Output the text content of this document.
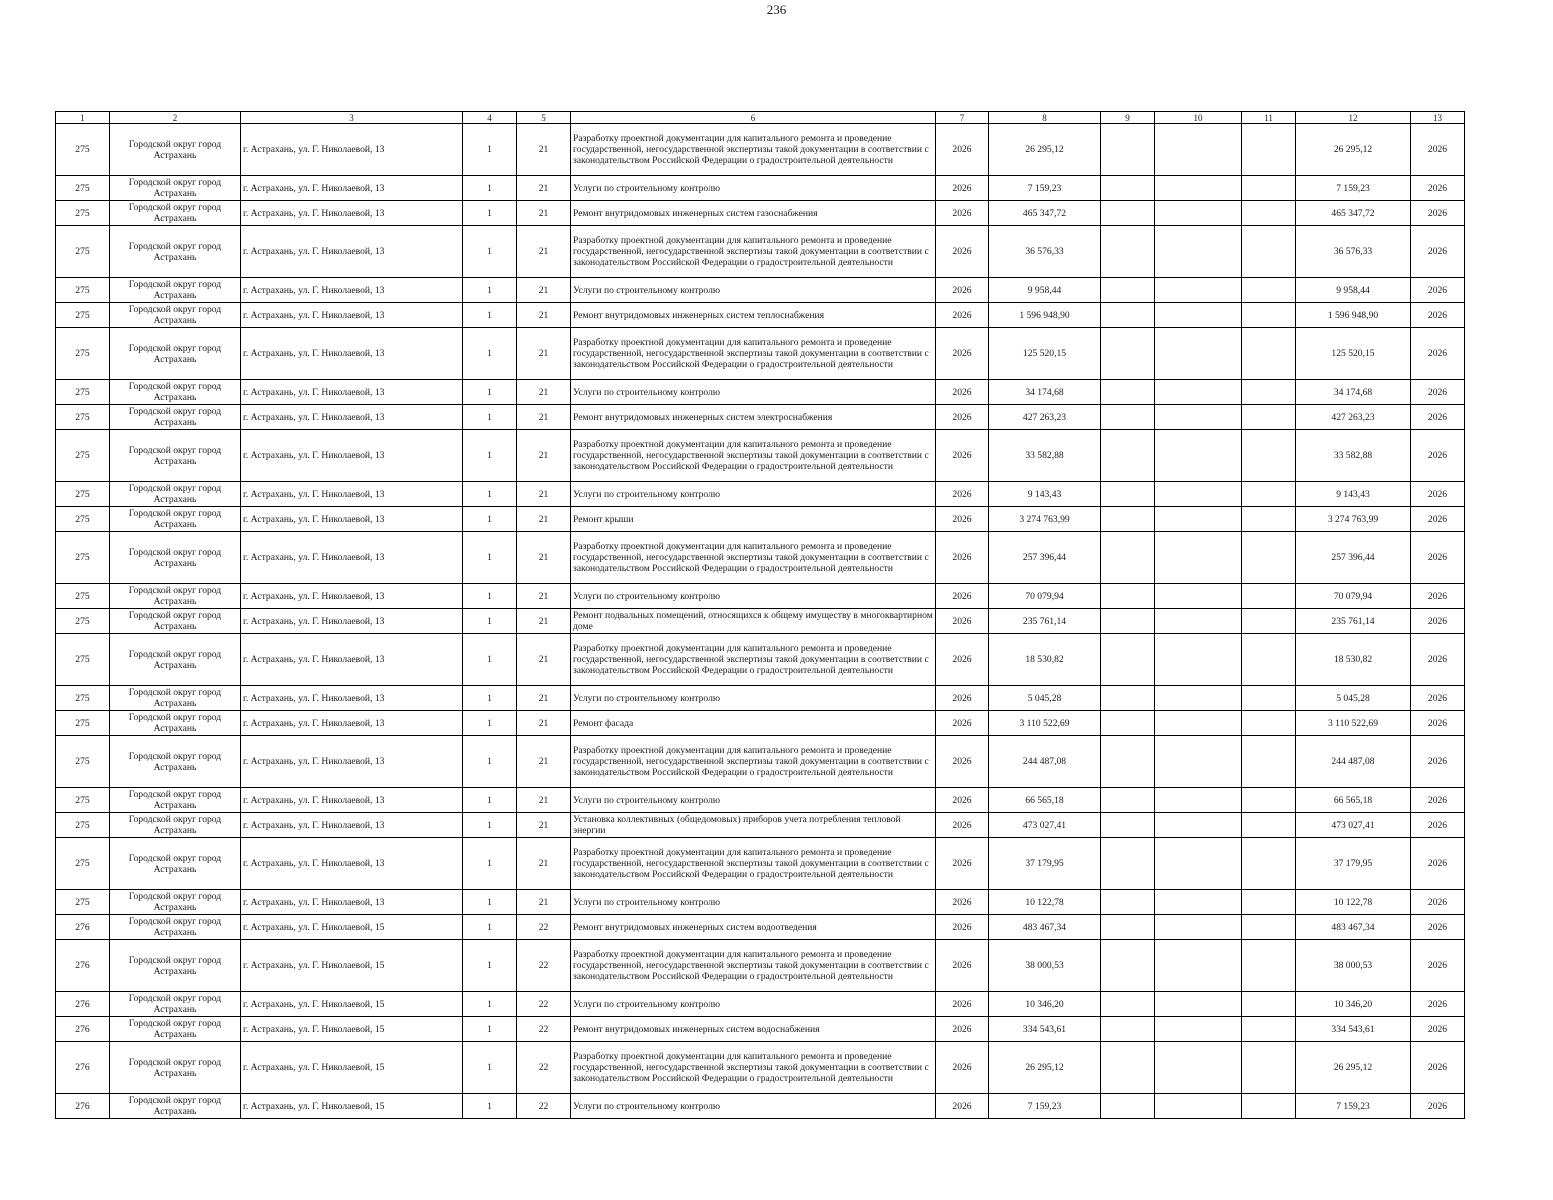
236
1	2	3	4	5	6	7	8	9	10	11	12	13
275	Городской округ город Астрахань	г. Астрахань, ул. Г. Николаевой, 13	1	21	Разработку проектной документации для капитального ремонта и проведение государственной, негосударственной экспертизы такой документации в соответствии с законодательством Российской Федерации о градостроительной деятельности	2026	26 295,12				26 295,12	2026
275	Городской округ город Астрахань	г. Астрахань, ул. Г. Николаевой, 13	1	21	Услуги по строительному контролю	2026	7 159,23				7 159,23	2026
275	Городской округ город Астрахань	г. Астрахань, ул. Г. Николаевой, 13	1	21	Ремонт внутридомовых инженерных систем газоснабжения	2026	465 347,72				465 347,72	2026
275	Городской округ город Астрахань	г. Астрахань, ул. Г. Николаевой, 13	1	21	Разработку проектной документации для капитального ремонта и проведение государственной, негосударственной экспертизы такой документации в соответствии с законодательством Российской Федерации о градостроительной деятельности	2026	36 576,33				36 576,33	2026
275	Городской округ город Астрахань	г. Астрахань, ул. Г. Николаевой, 13	1	21	Услуги по строительному контролю	2026	9 958,44				9 958,44	2026
275	Городской округ город Астрахань	г. Астрахань, ул. Г. Николаевой, 13	1	21	Ремонт внутридомовых инженерных систем теплоснабжения	2026	1 596 948,90				1 596 948,90	2026
275	Городской округ город Астрахань	г. Астрахань, ул. Г. Николаевой, 13	1	21	Разработку проектной документации для капитального ремонта и проведение государственной, негосударственной экспертизы такой документации в соответствии с законодательством Российской Федерации о градостроительной деятельности	2026	125 520,15				125 520,15	2026
275	Городской округ город Астрахань	г. Астрахань, ул. Г. Николаевой, 13	1	21	Услуги по строительному контролю	2026	34 174,68				34 174,68	2026
275	Городской округ город Астрахань	г. Астрахань, ул. Г. Николаевой, 13	1	21	Ремонт внутридомовых инженерных систем электроснабжения	2026	427 263,23				427 263,23	2026
275	Городской округ город Астрахань	г. Астрахань, ул. Г. Николаевой, 13	1	21	Разработку проектной документации для капитального ремонта и проведение государственной, негосударственной экспертизы такой документации в соответствии с законодательством Российской Федерации о градостроительной деятельности	2026	33 582,88				33 582,88	2026
275	Городской округ город Астрахань	г. Астрахань, ул. Г. Николаевой, 13	1	21	Услуги по строительному контролю	2026	9 143,43				9 143,43	2026
275	Городской округ город Астрахань	г. Астрахань, ул. Г. Николаевой, 13	1	21	Ремонт крыши	2026	3 274 763,99				3 274 763,99	2026
275	Городской округ город Астрахань	г. Астрахань, ул. Г. Николаевой, 13	1	21	Разработку проектной документации для капитального ремонта и проведение государственной, негосударственной экспертизы такой документации в соответствии с законодательством Российской Федерации о градостроительной деятельности	2026	257 396,44				257 396,44	2026
275	Городской округ город Астрахань	г. Астрахань, ул. Г. Николаевой, 13	1	21	Услуги по строительному контролю	2026	70 079,94				70 079,94	2026
275	Городской округ город Астрахань	г. Астрахань, ул. Г. Николаевой, 13	1	21	Ремонт подвальных помещений, относящихся к общему имуществу в многоквартирном доме	2026	235 761,14				235 761,14	2026
275	Городской округ город Астрахань	г. Астрахань, ул. Г. Николаевой, 13	1	21	Разработку проектной документации для капитального ремонта и проведение государственной, негосударственной экспертизы такой документации в соответствии с законодательством Российской Федерации о градостроительной деятельности	2026	18 530,82				18 530,82	2026
275	Городской округ город Астрахань	г. Астрахань, ул. Г. Николаевой, 13	1	21	Услуги по строительному контролю	2026	5 045,28				5 045,28	2026
275	Городской округ город Астрахань	г. Астрахань, ул. Г. Николаевой, 13	1	21	Ремонт фасада	2026	3 110 522,69				3 110 522,69	2026
275	Городской округ город Астрахань	г. Астрахань, ул. Г. Николаевой, 13	1	21	Разработку проектной документации для капитального ремонта и проведение государственной, негосударственной экспертизы такой документации в соответствии с законодательством Российской Федерации о градостроительной деятельности	2026	244 487,08				244 487,08	2026
275	Городской округ город Астрахань	г. Астрахань, ул. Г. Николаевой, 13	1	21	Услуги по строительному контролю	2026	66 565,18				66 565,18	2026
275	Городской округ город Астрахань	г. Астрахань, ул. Г. Николаевой, 13	1	21	Установка коллективных (общедомовых) приборов учета потребления тепловой энергии	2026	473 027,41				473 027,41	2026
275	Городской округ город Астрахань	г. Астрахань, ул. Г. Николаевой, 13	1	21	Разработку проектной документации для капитального ремонта и проведение государственной, негосударственной экспертизы такой документации в соответствии с законодательством Российской Федерации о градостроительной деятельности	2026	37 179,95				37 179,95	2026
275	Городской округ город Астрахань	г. Астрахань, ул. Г. Николаевой, 13	1	21	Услуги по строительному контролю	2026	10 122,78				10 122,78	2026
276	Городской округ город Астрахань	г. Астрахань, ул. Г. Николаевой, 15	1	22	Ремонт внутридомовых инженерных систем водоотведения	2026	483 467,34				483 467,34	2026
276	Городской округ город Астрахань	г. Астрахань, ул. Г. Николаевой, 15	1	22	Разработку проектной документации для капитального ремонта и проведение государственной, негосударственной экспертизы такой документации в соответствии с законодательством Российской Федерации о градостроительной деятельности	2026	38 000,53				38 000,53	2026
276	Городской округ город Астрахань	г. Астрахань, ул. Г. Николаевой, 15	1	22	Услуги по строительному контролю	2026	10 346,20				10 346,20	2026
276	Городской округ город Астрахань	г. Астрахань, ул. Г. Николаевой, 15	1	22	Ремонт внутридомовых инженерных систем водоснабжения	2026	334 543,61				334 543,61	2026
276	Городской округ город Астрахань	г. Астрахань, ул. Г. Николаевой, 15	1	22	Разработку проектной документации для капитального ремонта и проведение государственной, негосударственной экспертизы такой документации в соответствии с законодательством Российской Федерации о градостроительной деятельности	2026	26 295,12				26 295,12	2026
276	Городской округ город Астрахань	г. Астрахань, ул. Г. Николаевой, 15	1	22	Услуги по строительному контролю	2026	7 159,23				7 159,23	2026
